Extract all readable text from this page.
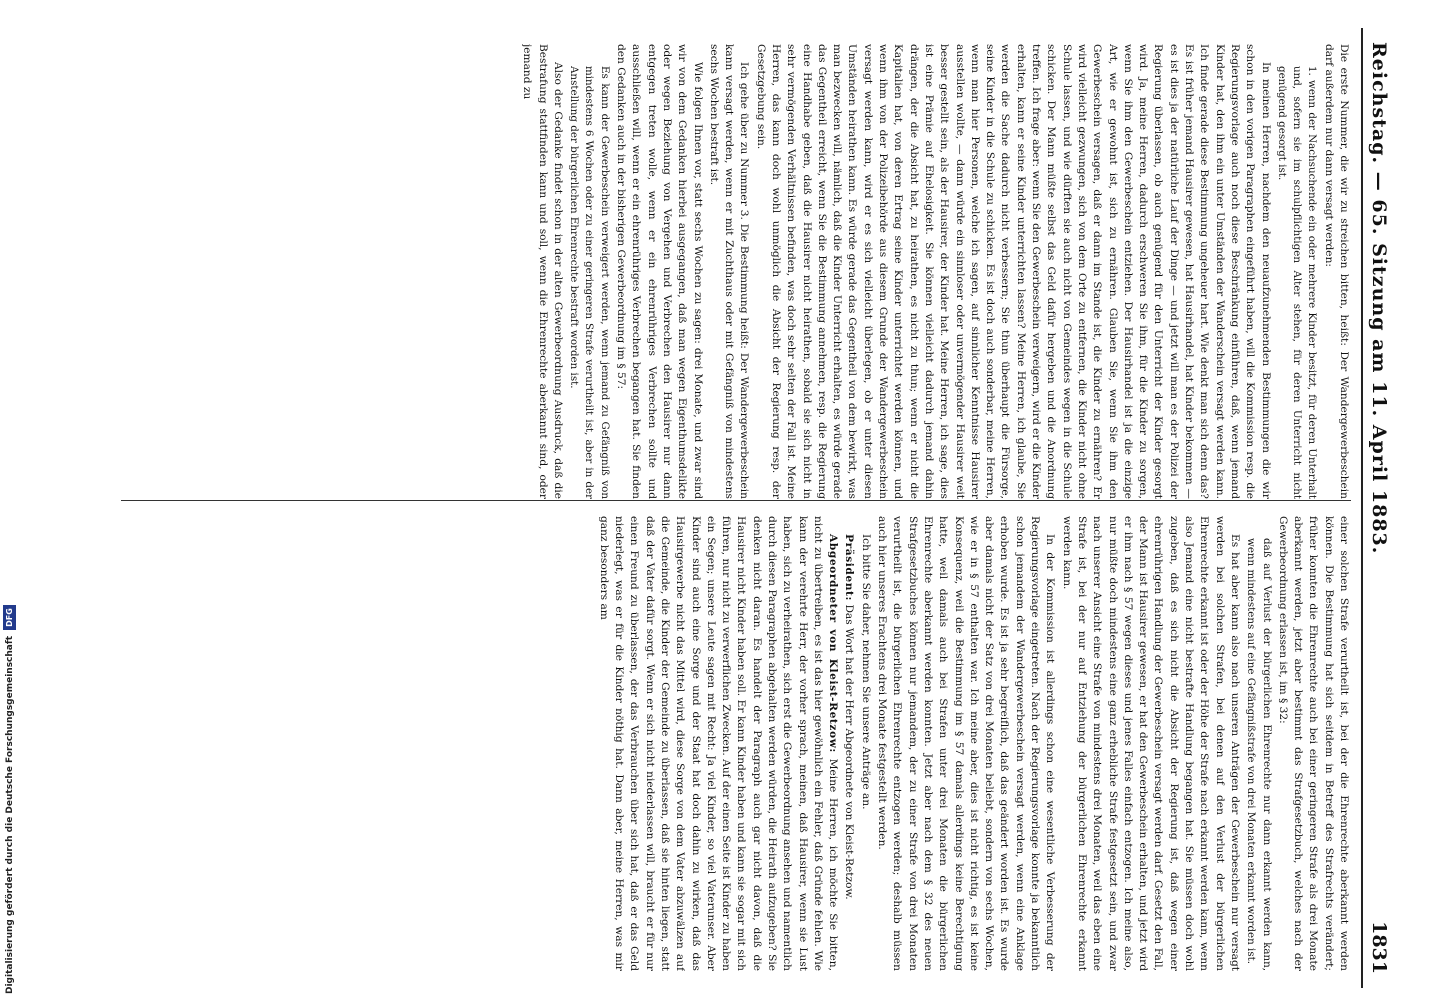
Digitalisierung gefördert durch die Deutsche Forschungsgemeinschaft
DFG
Reichstag. — 65. Sitzung am 11. April 1883.
1831

Die erste Nummer, die wir zu streichen bitten, heißt: Der Wandergewerbeschein darf außerdem nur dann versagt werden:

1. wenn der Nachsuchende ein oder mehrere Kinder besitzt, für deren Unterhalt und, sofern sie im schulpflichtigen Alter stehen, für deren Unterricht nicht genügend gesorgt ist.

In meinen Herren, nachdem den neuaufzunehmenden Bestimmungen die wir schon in den vorigen Paragraphen eingeführt haben, will die Kommission resp. die Regierungsvorlage auch noch diese Beschränkung einführen, daß, wenn jemand Kinder hat, den ihm ein unter Umständen der Wanderschein versagt werden kann. Ich finde gerade diese Bestimmung ungeheuer hart. Wie denkt man sich denn das? Es ist früher jemand Hausirer gewesen, hat Hausirhandel, hat Kinder bekommen — es ist dies ja der natürliche Lauf der Dinge — und jetzt will man es der Polizei der Regierung überlassen, ob auch genügend für den Unterricht der Kinder gesorgt wird. Ja, meine Herren, dadurch erschweren Sie ihm, für die Kinder zu sorgen, wenn Sie ihm den Gewerbeschein entziehen. Der Hausirhandel ist ja die einzige Art, wie er gewohnt ist, sich zu ernähren. Glauben Sie, wenn Sie ihm den Gewerbeschein versagen, daß er dann im Stande ist, die Kinder zu ernähren? Er wird vielleicht gezwungen, sich von dem Orte zu entfernen, die Kinder nicht ohne Schule lassen, und wie dürften sie auch nicht von Gemeindes wegen in die Schule schicken. Der Mann müßte selbst das Geld dafür hergeben und die Anordnung treffen. Ich frage aber: wenn Sie den Gewerbeschein verweigern, wird er die Kinder erhalten, kann er seine Kinder unterrichten lassen? Meine Herren, ich glaube, Sie werden die Sache dadurch nicht verbessern; Sie thun überhaupt die Fürsorge, seine Kinder in die Schule zu schicken. Es ist doch auch sonderbar, meine Herren, wenn man hier Personen, welche ich sagen, auf sinnlicher Kenntnisse Hausirer ausstellen wollte, — dann würde ein sinnloser oder unvermögender Hausirer weit besser gestellt sein, als der Hausirer, der Kinder hat. Meine Herren, ich sage, dies ist eine Prämie auf Ehelosigkeit. Sie können vielleicht dadurch jemand dahin drängen, der die Absicht hat, zu heirathen, es nicht zu thun; wenn er nicht die Kapitalien hat, von deren Ertrag seine Kinder unterrichtet werden können, und wenn ihm von der Polizeibehörde aus diesem Grunde der Wandergewerbeschein versagt werden kann, wird er es sich vielleicht überlegen, ob er unter diesen Umständen heirathen kann. Es würde gerade das Gegentheil von dem bewirkt, was man bezwecken will, nämlich, daß die Kinder Unterricht erhalten, es würde gerade das Gegentheil erreicht, wenn Sie die Bestimmung annehmen, resp. die Regierung eine Handhabe geben, daß die Hausirer nicht heirathen, sobald sie sich nicht in sehr vermögenden Verhältnissen befinden, was doch sehr selten der Fall ist. Meine Herren, das kann doch wohl unmöglich die Absicht der Regierung resp. der Gesetzgebung sein.

Ich gehe über zu Nummer 3. Die Bestimmung heißt: Der Wandergewerbeschein kann versagt werden, wenn er mit Zuchthaus oder mit Gefängniß von mindestens sechs Wochen bestraft ist.

Wie folgen Ihnen vor, statt sechs Wochen zu sagen: drei Monate, und zwar sind wir von dem Gedanken hierbei ausgegangen, daß man wegen Eigenthumsdelikte oder wegen Beziehung von Vergehen und Verbrechen den Hausirer nur dann entgegen treten wolle, wenn er ein ehrenrühriges Verbrechen sollte und ausschließen will, wenn er ein ehrenrühriges Verbrechen begangen hat. Sie finden den Gedanken auch in der bisherigen Gewerbeordnung im § 57:

Es kann der Gewerbeschein verweigert werden, wenn jemand zu Gefängniß von mindestens 6 Wochen oder zu einer geringeren Strafe verurtheilt ist, aber in der Anstellung der bürgerlichen Ehrenrechte bestraft worden ist.

Also der Gedanke findet schon in der alten Gewerbeordnung Ausdruck, daß die Bestrafung stattfinden kann und soll, wenn die Ehrenrechte aberkannt sind, oder jemand zu

einer solchen Strafe verurtheilt ist, bei der die Ehrenrechte aberkannt werden können. Die Bestimmung hat sich seitdem in Betreff des Strafrechts verändert; früher konnten die Ehrenrechte auch bei einer geringeren Strafe als drei Monate aberkannt werden, jetzt aber bestimmt das Strafgesetzbuch, welches nach der Gewerbeordnung erlassen ist, im § 32:

daß auf Verlust der bürgerlichen Ehrenrechte nur dann erkannt werden kann, wenn mindestens auf eine Gefängnißstrafe von drei Monaten erkannt worden ist.

Es hat aber kann also nach unseren Anträgen der Gewerbeschein nur versagt werden bei solchen Strafen, bei denen auf den Verlust der bürgerlichen Ehrenrechte erkannt ist oder der Höhe der Strafe nach erkannt werden kann, wenn also Jemand eine nicht bestrafte Handlung begangen hat. Sie müssen doch wohl zugeben, daß es sich nicht die Absicht der Regierung ist, daß wegen einer ehrenrührigen Handlung der Gewerbeschein versagt werden darf. Gesetzt den Fall, der Mann ist Hausirer gewesen, er hat den Gewerbeschein erhalten, und jetzt wird er ihm nach § 57 wegen dieses und jenes Falles einfach entzogen. Ich meine also, nur müßte doch mindestens eine ganz erhebliche Strafe festgesetzt sein, und zwar nach unserer Ansicht eine Strafe von mindestens drei Monaten, weil das eben eine Strafe ist, bei der nur auf Entziehung der bürgerlichen Ehrenrechte erkannt werden kann.

In der Kommission ist allerdings schon eine wesentliche Verbesserung der Regierungsvorlage eingetreten. Nach der Regierungsvorlage konnte ja bekanntlich schon jemandem der Wandergewerbeschein versagt werden, wenn eine Anklage erhoben wurde. Es ist ja sehr begreiflich, daß das geändert worden ist. Es wurde aber damals nicht der Satz von drei Monaten beliebt, sondern von sechs Wochen, wie er in § 57 enthalten war. Ich meine aber, dies ist nicht richtig, es ist keine Konsequenz, weil die Bestimmung im § 57 damals allerdings keine Berechtigung hatte, weil damals auch bei Strafen unter drei Monaten die bürgerlichen Ehrenrechte aberkannt werden konnten. Jetzt aber nach dem § 32 des neuen Strafgesetzbuches können nur jemandem, der zu einer Strafe von drei Monaten verurtheilt ist, die bürgerlichen Ehrenrechte entzogen werden; deshalb müssen auch hier unseres Erachtens drei Monate festgestellt werden.

Ich bitte Sie daher, nehmen Sie unsere Anträge an.

Präsident: Das Wort hat der Herr Abgeordnete von Kleist-Retzow.

Abgeordneter von Kleist-Retzow: Meine Herren, ich möchte Sie bitten, nicht zu übertreiben, es ist das hier gewöhnlich ein Fehler, daß Gründe fehlen. Wie kann der verehrte Herr, der vorher sprach, meinen, daß Hausirer, wenn sie Lust haben, sich zu verheirathen, sich erst die Gewerbeordnung ansehen und namentlich durch diesen Paragraphen abgehalten werden würden, die Heirath aufzugeben? Sie denken nicht daran. Es handelt der Paragraph auch gar nicht davon, daß die Hausirer nicht Kinder haben soll. Er kann Kinder haben und kann sie sogar mit sich führen, nur nicht zu verwerflichen Zwecken. Auf der einen Seite ist Kinder zu haben ein Segen; unsere Leute sagen mit Recht: Ja viel Kinder, so viel Vaterunser. Aber Kinder sind auch eine Sorge und der Staat hat doch dahin zu wirken, daß das Hausirgewerbe nicht das Mittel wird, diese Sorge von dem Vater abzuwälzen auf die Gemeinde, die Kinder der Gemeinde zu überlassen, daß sie hinten liegen, statt daß der Vater dafür sorgt. Wenn er sich nicht niederlassen will, braucht er für nur einen Freund zu überlassen, der das Verbrauchen über sich hat, daß er das Geld niederlegt, was er für die Kinder nöthig hat. Dann aber, meine Herren, was mir ganz besonders am
